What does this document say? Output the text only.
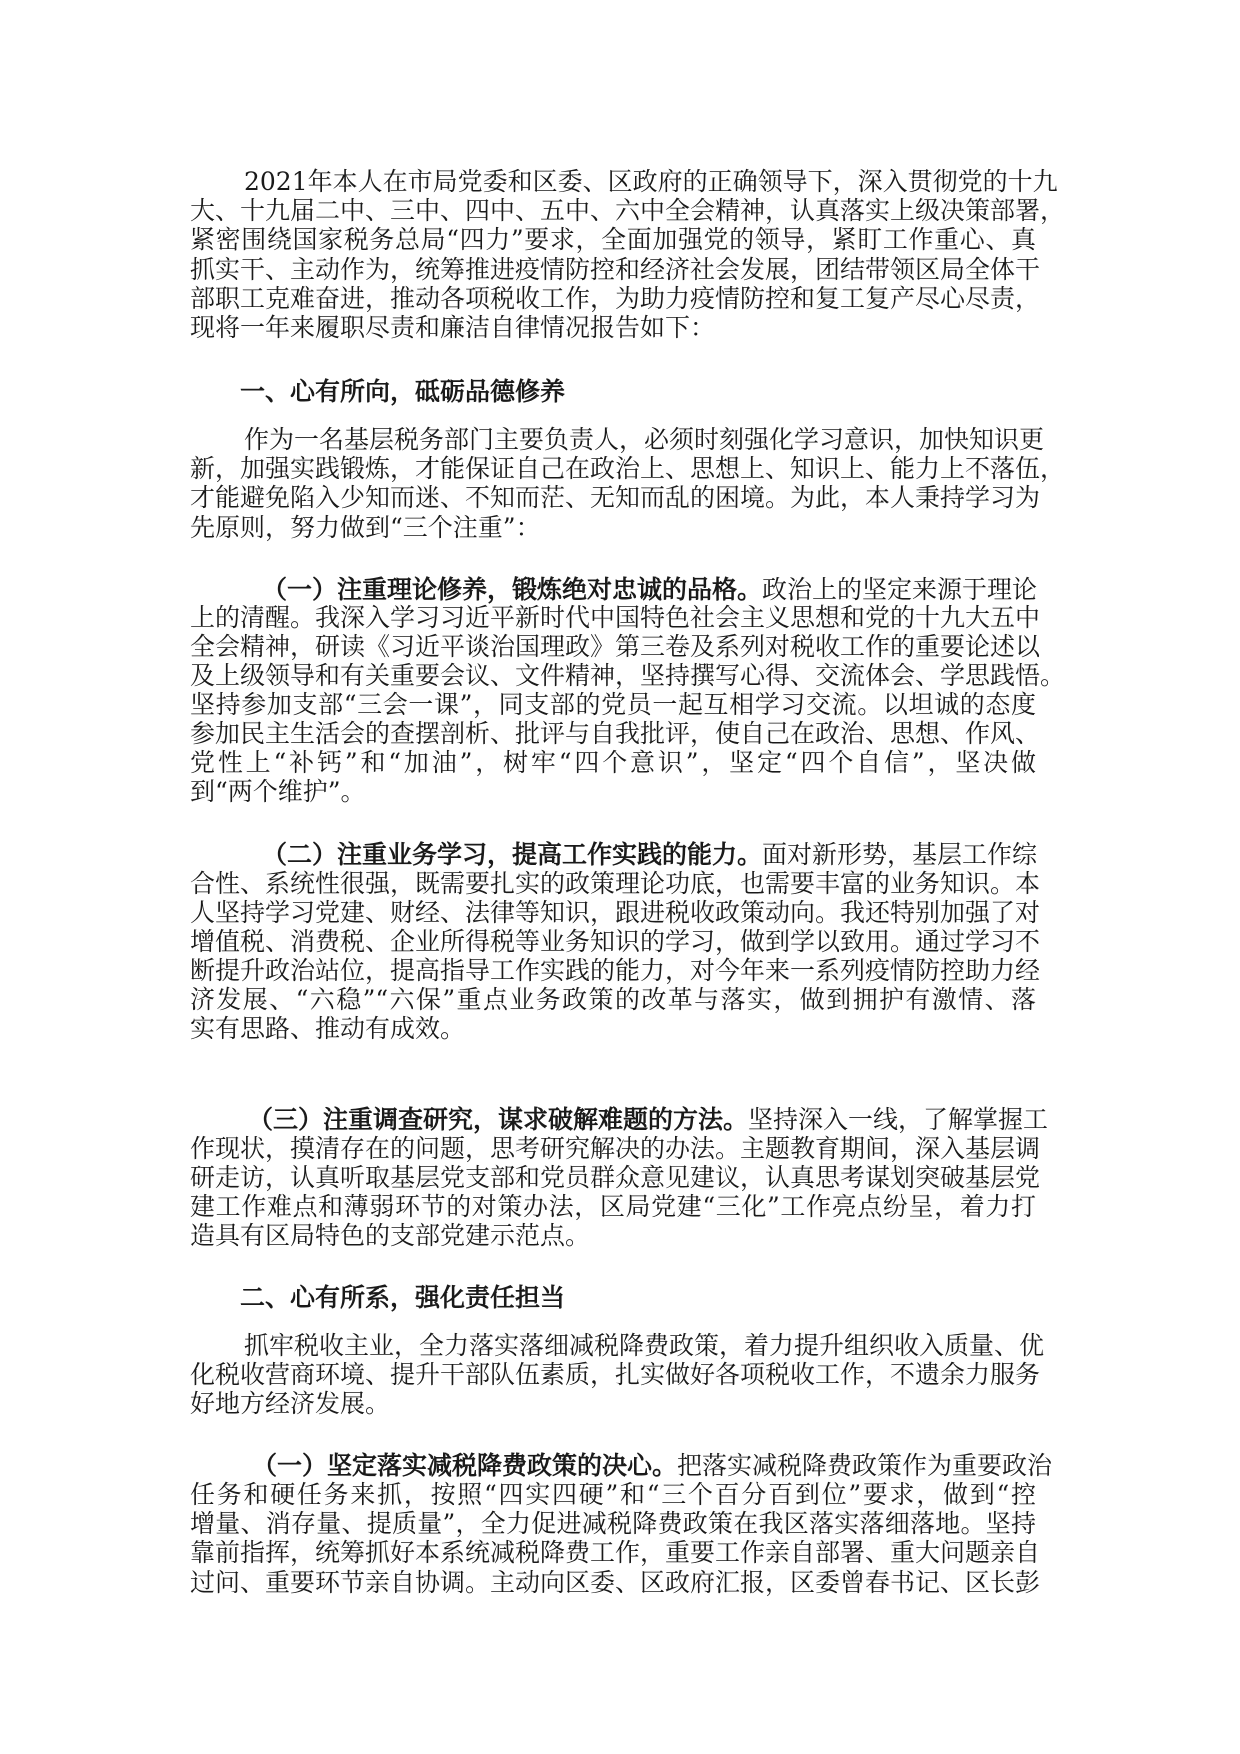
2021年本人在市局党委和区委、区政府的正确领导下，深入贯彻党的十九
大、十九届二中、三中、四中、五中、六中全会精神，认真落实上级决策部署，
紧密围绕国家税务总局“四力”要求，全面加强党的领导，紧盯工作重心、真
抓实干、主动作为，统筹推进疫情防控和经济社会发展，团结带领区局全体干
部职工克难奋进，推动各项税收工作，为助力疫情防控和复工复产尽心尽责，
现将一年来履职尽责和廉洁自律情况报告如下：
一、心有所向，砥砺品德修养
作为一名基层税务部门主要负责人，必须时刻强化学习意识，加快知识更
新，加强实践锻炼，才能保证自己在政治上、思想上、知识上、能力上不落伍，
才能避免陷入少知而迷、不知而茫、无知而乱的困境。为此，本人秉持学习为
先原则，努力做到“三个注重”：
（一）注重理论修养，锻炼绝对忠诚的品格。政治上的坚定来源于理论
上的清醒。我深入学习习近平新时代中国特色社会主义思想和党的十九大五中
全会精神，研读《习近平谈治国理政》第三卷及系列对税收工作的重要论述以
及上级领导和有关重要会议、文件精神，坚持撰写心得、交流体会、学思践悟。
坚持参加支部“三会一课”，同支部的党员一起互相学习交流。以坦诚的态度
参加民主生活会的查摆剖析、批评与自我批评，使自己在政治、思想、作风、
党性上“补钙”和“加油”，树牢“四个意识”，坚定“四个自信”，坚决做
到“两个维护”。
（二）注重业务学习，提高工作实践的能力。面对新形势，基层工作综
合性、系统性很强，既需要扎实的政策理论功底，也需要丰富的业务知识。本
人坚持学习党建、财经、法律等知识，跟进税收政策动向。我还特别加强了对
增值税、消费税、企业所得税等业务知识的学习，做到学以致用。通过学习不
断提升政治站位，提高指导工作实践的能力，对今年来一系列疫情防控助力经
济发展、“六稳”“六保”重点业务政策的改革与落实，做到拥护有激情、落
实有思路、推动有成效。
（三）注重调查研究，谋求破解难题的方法。坚持深入一线，了解掌握工
作现状，摸清存在的问题，思考研究解决的办法。主题教育期间，深入基层调
研走访，认真听取基层党支部和党员群众意见建议，认真思考谋划突破基层党
建工作难点和薄弱环节的对策办法，区局党建“三化”工作亮点纷呈，着力打
造具有区局特色的支部党建示范点。
二、心有所系，强化责任担当
抓牢税收主业，全力落实落细减税降费政策，着力提升组织收入质量、优
化税收营商环境、提升干部队伍素质，扎实做好各项税收工作，不遗余力服务
好地方经济发展。
（一）坚定落实减税降费政策的决心。把落实减税降费政策作为重要政治
任务和硬任务来抓，按照“四实四硬”和“三个百分百到位”要求，做到“控
增量、消存量、提质量”，全力促进减税降费政策在我区落实落细落地。坚持
靠前指挥，统筹抓好本系统减税降费工作，重要工作亲自部署、重大问题亲自
过问、重要环节亲自协调。主动向区委、区政府汇报，区委曾春书记、区长彭
